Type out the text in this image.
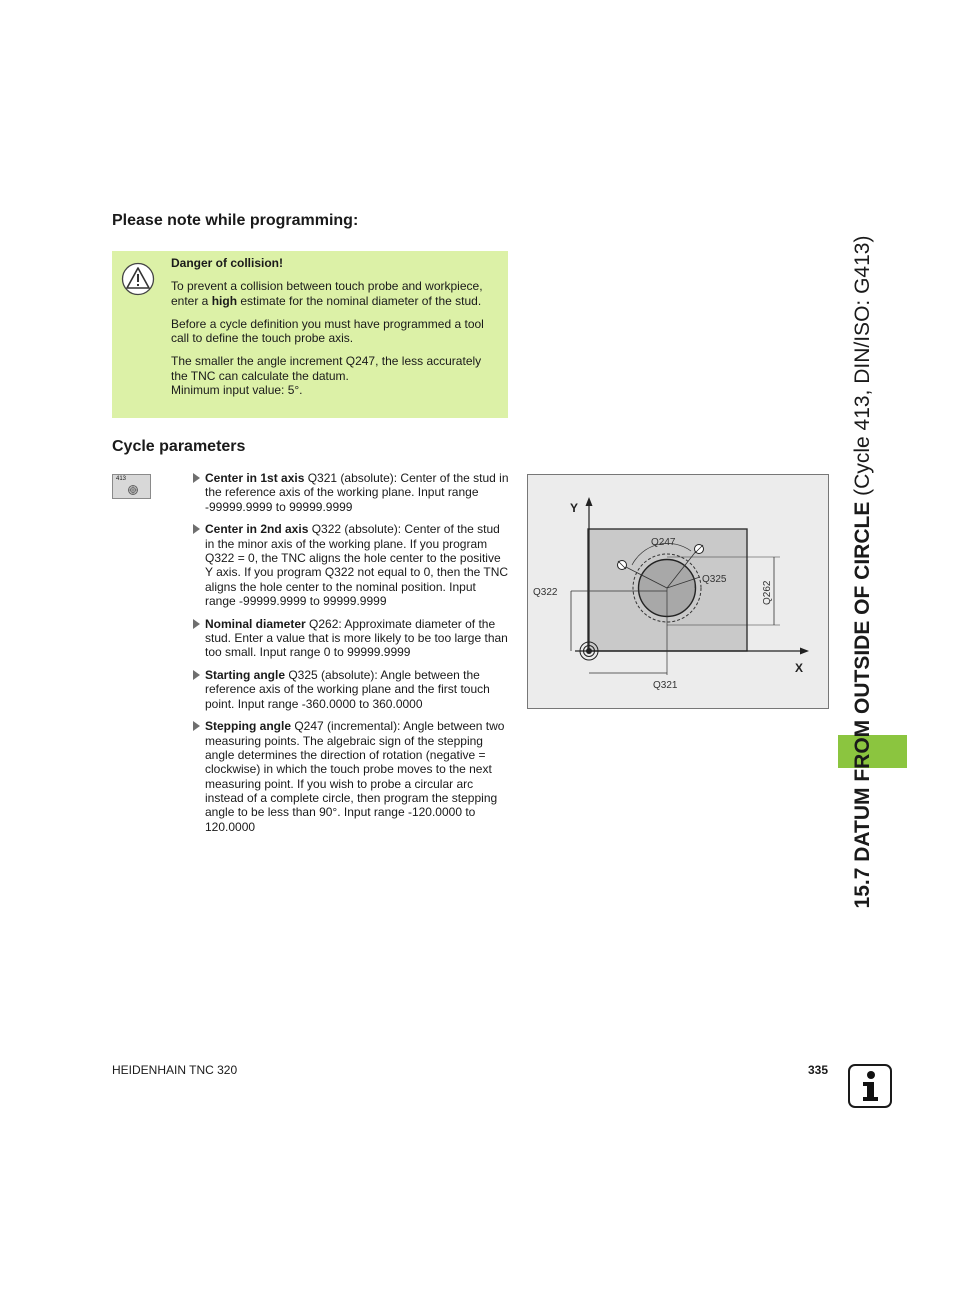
Please note while programming:

Danger of collision!

To prevent a collision between touch probe and workpiece, enter a high estimate for the nominal diameter of the stud.

Before a cycle definition you must have programmed a tool call to define the touch probe axis.

The smaller the angle increment Q247, the less accurately the TNC can calculate the datum.
Minimum input value: 5°.

Cycle parameters
413	Center in 1st axis Q321 (absolute): Center of the stud in the reference axis of the working plane. Input range -99999.9999 to 99999.9999
Center in 2nd axis Q322 (absolute): Center of the stud in the minor axis of the working plane. If you program Q322 = 0, the TNC aligns the hole center to the positive Y axis. If you program Q322 not equal to 0, then the TNC aligns the hole center to the nominal position. Input range -99999.9999 to 99999.9999
Nominal diameter Q262: Approximate diameter of the stud. Enter a value that is more likely to be too large than too small. Input range 0 to 99999.9999
Starting angle Q325 (absolute): Angle between the reference axis of the working plane and the first touch point. Input range -360.0000 to 360.0000
Stepping angle Q247 (incremental): Angle between two measuring points. The algebraic sign of the stepping angle determines the direction of rotation (negative = clockwise) in which the touch probe moves to the next measuring point. If you wish to probe a circular arc instead of a complete circle, then program the stepping angle to be less than 90°. Input range -120.0000 to 120.0000
Y
X
Q322
Q321
Q262
Q247
Q325	15.7 DATUM FROM OUTSIDE OF CIRCLE (Cycle 413, DIN/ISO: G413)
HEIDENHAIN TNC 320	335
